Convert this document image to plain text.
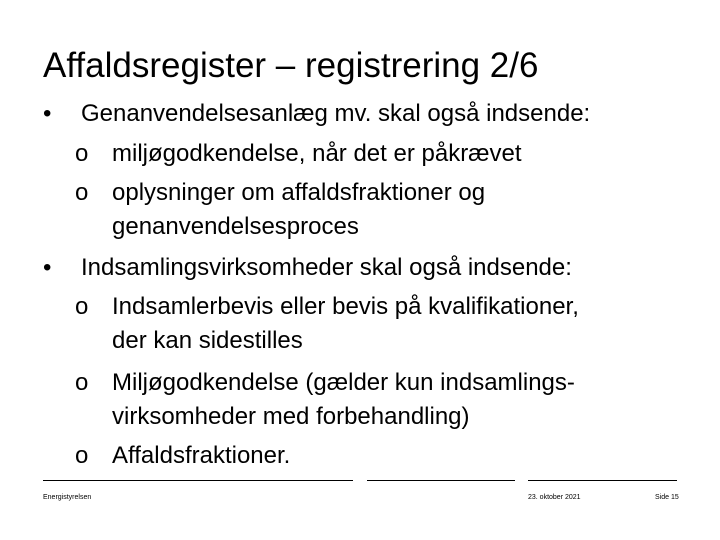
Affaldsregister – registrering 2/6
• Genanvendelsesanlæg mv. skal også indsende:
o miljøgodkendelse, når det er påkrævet
o oplysninger om affaldsfraktioner og
genanvendelsesproces
• Indsamlingsvirksomheder skal også indsende:
o Indsamlerbevis eller bevis på kvalifikationer,
der kan sidestilles
o Miljøgodkendelse (gælder kun indsamlings-
virksomheder med forbehandling)
o Affaldsfraktioner.
Energistyrelsen	23. oktober 2021	Side 15
